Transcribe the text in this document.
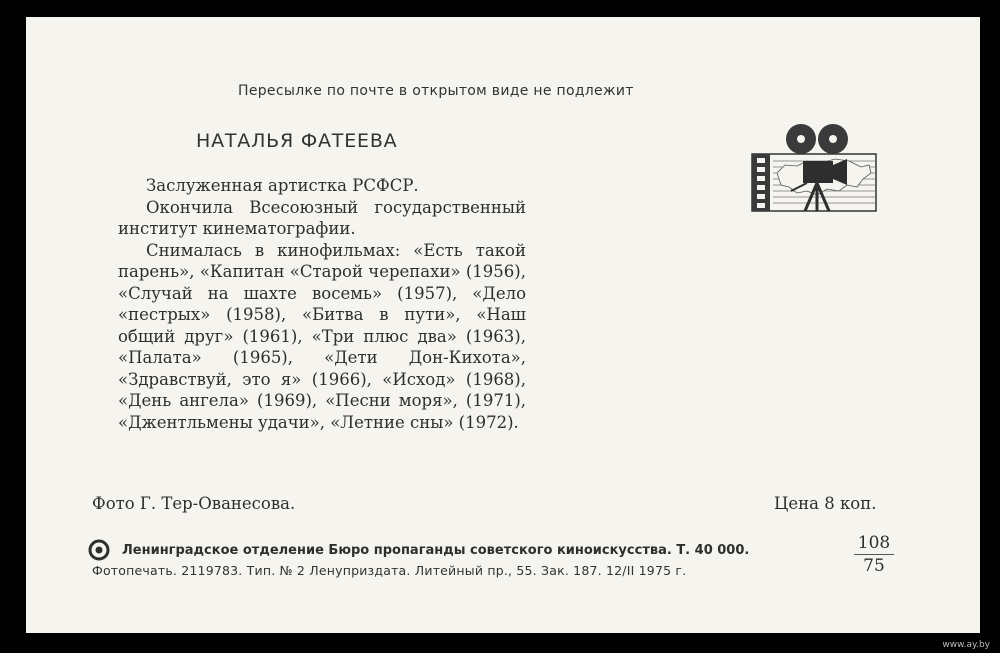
Пересылке по почте в открытом виде не подлежит
НАТАЛЬЯ ФАТЕЕВА

Заслуженная артистка РСФСР.

Окончила Всесоюзный государственный институт кинематографии.

Снималась в кинофильмах: «Есть такой парень», «Капитан «Старой черепахи» (1956), «Случай на шахте восемь» (1957), «Дело «пестрых» (1958), «Битва в пути», «Наш общий друг» (1961), «Три плюс два» (1963), «Палата» (1965), «Дети Дон-Кихота», «Здравствуй, это я» (1966), «Исход» (1968), «День ангела» (1969), «Песни моря», (1971), «Джентльмены удачи», «Летние сны» (1972).

Фото Г. Тер-Ованесова.	Цена 8 коп.
Ленинградское отделение Бюро пропаганды советского киноискусства. Т. 40 000.
Фотопечать. 2119783. Тип. № 2 Ленуприздата. Литейный пр., 55. Зак. 187. 12/II 1975 г.	$\frac{108}{75}$
www.ay.by
